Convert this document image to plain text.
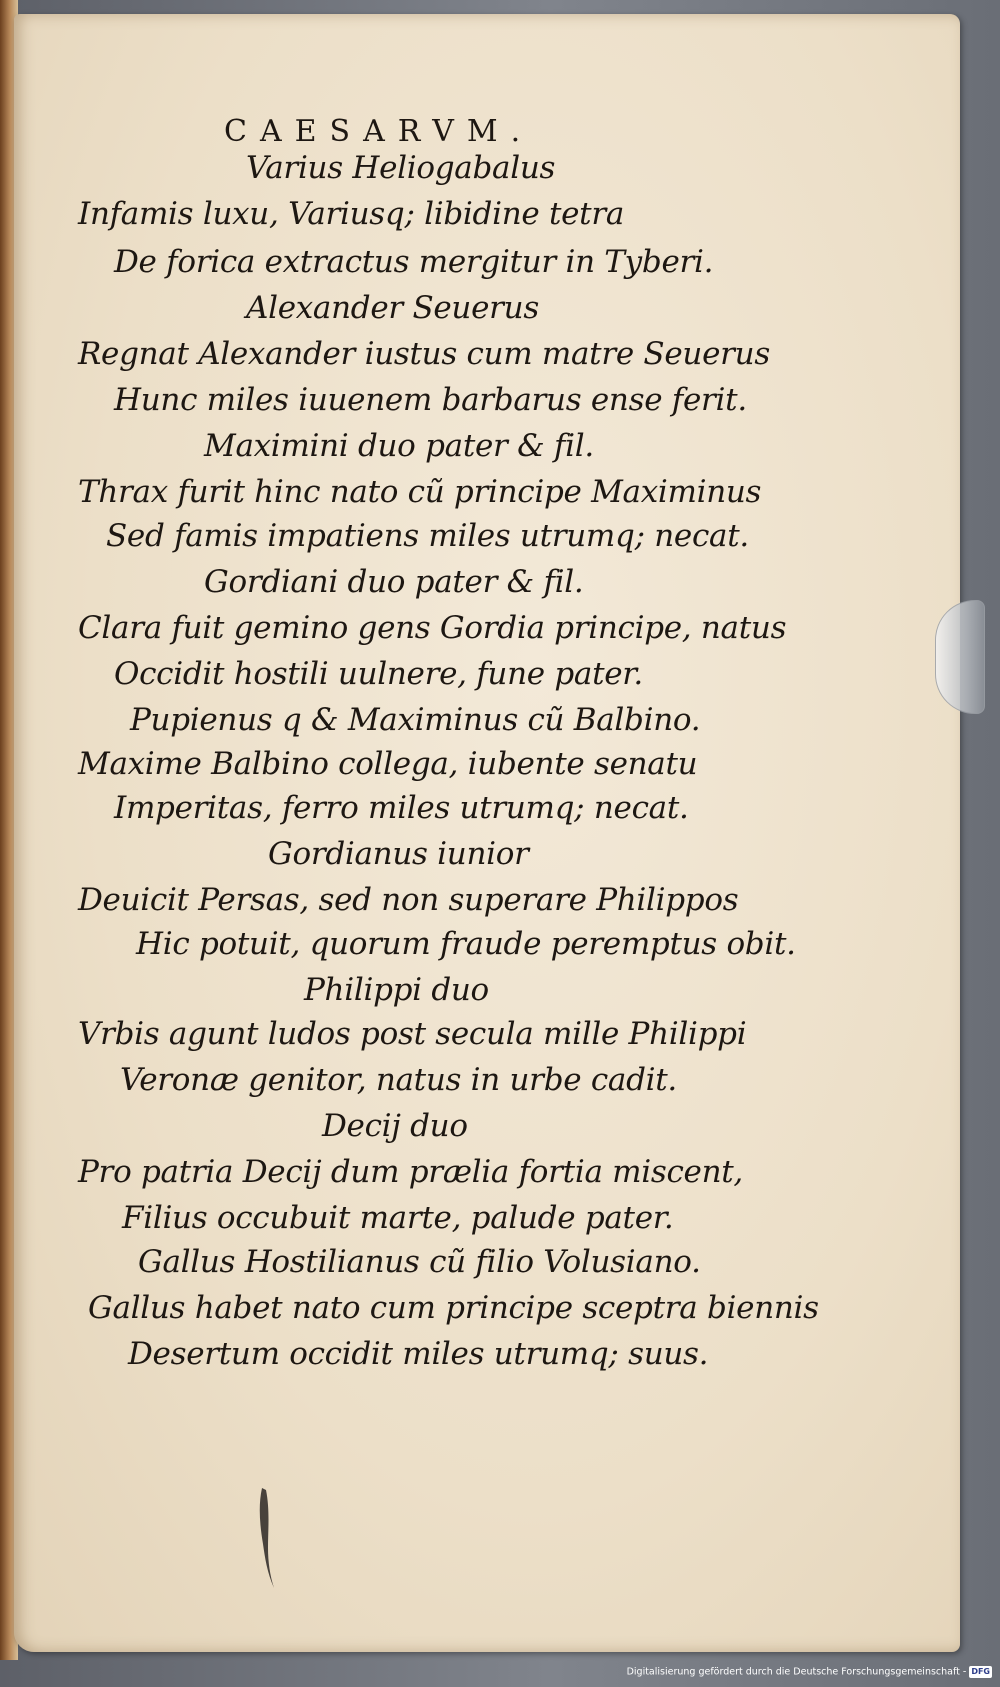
CAESARVM.
Varius Heliogabalus
Infamis luxu, Variusq; libidine tetra
De forica extractus mergitur in Tyberi.
Alexander Seuerus
Regnat Alexander iustus cum matre Seuerus
Hunc miles iuuenem barbarus ense ferit.
Maximini duo pater & fil.
Thrax furit hinc nato cũ principe Maximinus
Sed famis impatiens miles utrumq; necat.
Gordiani duo pater & fil.
Clara fuit gemino gens Gordia principe, natus
Occidit hostili uulnere, fune pater.
Pupienus q & Maximinus cũ Balbino.
Maxime Balbino collega, iubente senatu
Imperitas, ferro miles utrumq; necat.
Gordianus iunior
Deuicit Persas, sed non superare Philippos
Hic potuit, quorum fraude peremptus obit.
Philippi duo
Vrbis agunt ludos post secula mille Philippi
Veronæ genitor, natus in urbe cadit.
Decij duo
Pro patria Decij dum prælia fortia miscent,
Filius occubuit marte, palude pater.
Gallus Hostilianus cũ filio Volusiano.
Gallus habet nato cum principe sceptra biennis
Desertum occidit miles utrumq; suus.
Digitalisierung gefördert durch die Deutsche Forschungsgemeinschaft - DFG
